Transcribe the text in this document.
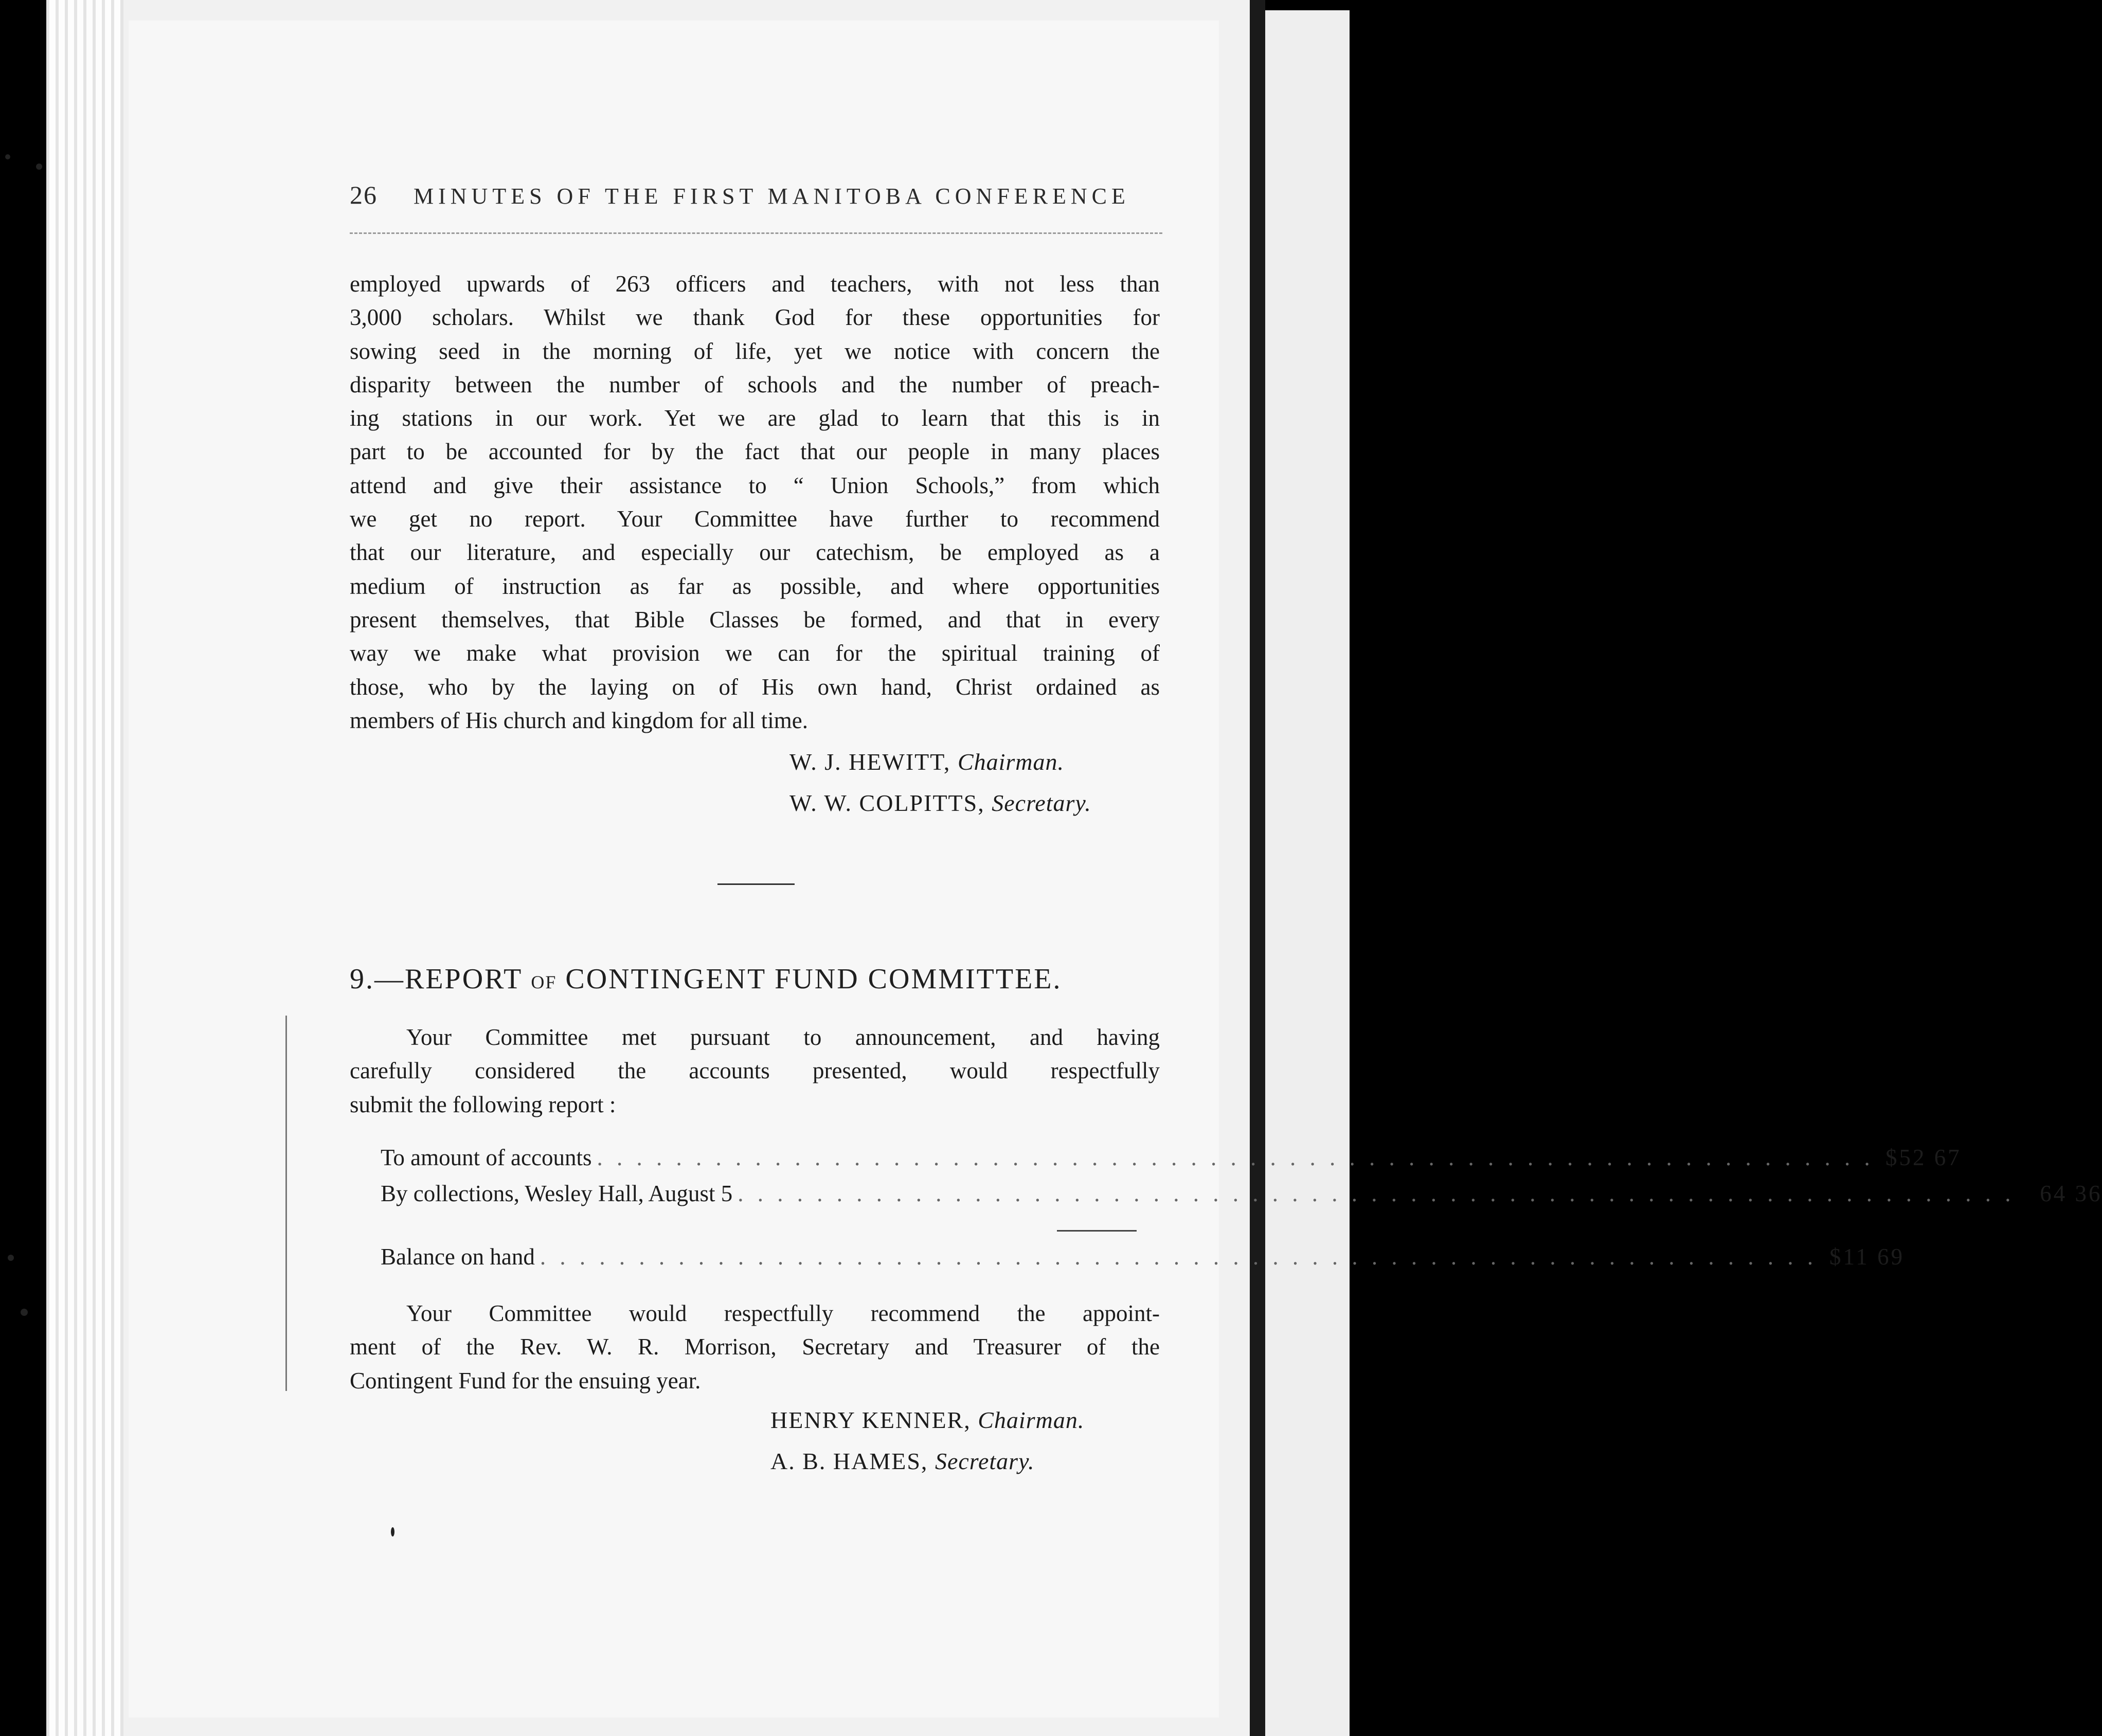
26 MINUTES OF THE FIRST MANITOBA CONFERENCE
employed upwards of 263 officers and teachers, with not less than
3,000 scholars. Whilst we thank God for these opportunities for
sowing seed in the morning of life, yet we notice with concern the
disparity between the number of schools and the number of preach-
ing stations in our work. Yet we are glad to learn that this is in
part to be accounted for by the fact that our people in many places
attend and give their assistance to “ Union Schools,” from which
we get no report. Your Committee have further to recommend
that our literature, and especially our catechism, be employed as a
medium of instruction as far as possible, and where opportunities
present themselves, that Bible Classes be formed, and that in every
way we make what provision we can for the spiritual training of
those, who by the laying on of His own hand, Christ ordained as
members of His church and kingdom for all time.
W. J. HEWITT, Chairman.
W. W. COLPITTS, Secretary.
9.—REPORT OF CONTINGENT FUND COMMITTEE.
Your Committee met pursuant to announcement, and having
carefully considered the accounts presented, would respectfully
submit the following report :
To amount of accounts . . . . . . . . . . . . . . . . . . . . . . . . . . . . . . . . . . . . . . . . . . . . . . . . . . . . . . . . . . . . . . . . . $52 67
By collections, Wesley Hall, August 5 . . . . . . . . . . . . . . . . . . . . . . . . . . . . . . . . . . . . . . . . . . . . . . . . . . . . . . . . . . . . . . . . .	64 36
Balance on hand . . . . . . . . . . . . . . . . . . . . . . . . . . . . . . . . . . . . . . . . . . . . . . . . . . . . . . . . . . . . . . . . . $11 69
Your Committee would respectfully recommend the appoint-
ment of the Rev. W. R. Morrison, Secretary and Treasurer of the
Contingent Fund for the ensuing year.
HENRY KENNER, Chairman.
A. B. HAMES, Secretary.
